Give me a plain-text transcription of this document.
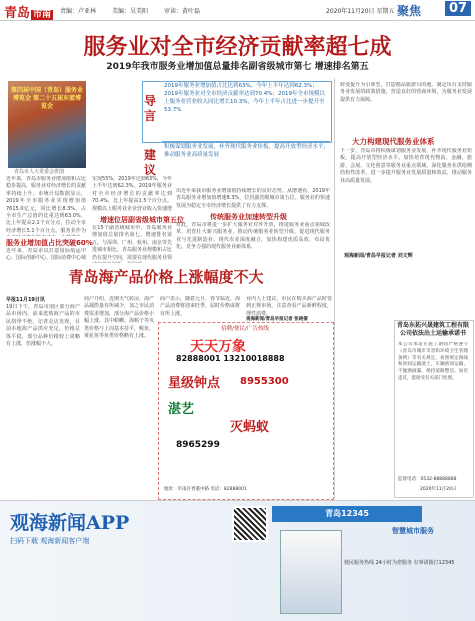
青岛 市南	责编：卢亚林	美编：吴美阳	审读：黄叶磊	2020年11月20日 星期五 聚焦	07
服务业对全市经济贡献率超七成
2019年我市服务业增加值总量排名副省级城市第七 增速排名第五
第四届中国（青岛）服务业博览会 第二十五届东盟博览会
青岛市人大常委会供图
导言
2019年服务业增加值占比达到63%，今年上半年达到62.3%；2019年服务业对全市经济贡献率达到70.4%；2019年全市规模以上服务业营业收入同比增长10.3%，今年上半年占比进一步提升至53.7%
建议
积极谋划服务业发展，补齐现代服务业短板，提高开放型经济水平，推动服务业高质量发展
近年来，青岛市服务业增加值和占比稳步提高，服务业对经济增长的贡献率持续上升。市统计局数据显示，2019年全市服务业实现增加值7615.0亿元，同比增长8.3%，占全市生产总值的比重达到63.0%，比上年提高2.1个百分点，拉动全市经济增长5.1个百分点。服务业作为
服务业增加值占比突破60%
近年来，青岛市以打造国际航运中心、国际创新中心、国际消费中心城
实现55%，2019年达到63%，今年上半年达到62.3%。2019年服务业对全市经济增长的贡献率达到70.4%，比上年提高1.5个百分点。规模以上服务业企业营业收入快速增
增速位居副省级城市第五位
在15个副省级城市中，青岛服务业增加值总量排名第七，增速排名第五。与深圳、广州、杭州、南京等先进城市相比，青岛服务业规模和占比仍有提升空间，需要在现代服务业领
出近年来我市服务业增加值持续增长的良好态势。从增速看，2019年青岛服务业增加值增速8.3%，位居副省级城市第五位。服务业的快速发展为稳定全市经济增长提供了有力支撑。
传统服务业加速转型升级
对此，青岛市将进一步扩大服务业对外开放，推进服务业重点领域改革，培育壮大新兴服务业，推动传统服务业转型升级，促进现代服务业与先进制造业、现代农业深度融合，加快构建优质高效、布局优化、竞争力强的现代服务业新体系。
转变提升为引领型，打造精品旅游目的地。制定出台支持服务业发展的政策措施，营造良好的营商环境，为服务业发展提供有力保障。
大力构建现代服务业体系
下一步，青岛市将积极谋划服务业发展，补齐现代服务业短板，提高开放型经济水平。加快培育现代物流、金融、旅游、会展、文化创意等服务业重点领域，深化服务业供给侧结构性改革，进一步提升服务业发展质量和效益，推动服务业高质量发展。
观海新闻/青岛早报记者 刘文辉
青岛海产品价格上涨幅度不大
早报11月19日讯
19日下午，青岛市南区部分海产品市场内，前来选购海产品的市民络绎不绝。记者走访发现，目前本地海产品供应充足，价格总体平稳，部分品种价格较上周略有上涨，但涨幅不大。
商户介绍，近期天气转凉，海产品捕捞量有所减少，加之市民消费需求增加，部分海产品价格小幅上涨。其中蛤蜊、海蛎子等贝类价格与上周基本持平，鲅鱼、黄花鱼等鱼类价格略有上涨。
商户表示，随着元旦、春节临近，海产品消费将迎来旺季，届时价格或将有所上涨。
业内人士建议，市民在购买海产品时要到正规市场，注意查看产品新鲜程度，理性消费。
观海新闻/青岛早报记者 张晓倩
招聘/便民/广告热线
天天万象
82888001 13210018888
星级钟点 8955300
湛艺
灭蚂蚁
8965299
地址：市南区香港中路 电话：82888001
青岛东拓兴晟建筑工程有限公司依法出土运输承诺书
本公司承诺在施工期间严格遵守《青岛市城市市容和环境卫生管理条例》等有关规定，按照规定路线和时间运输渣土，车辆密闭运输，不抛洒滴漏，保持道路整洁。如有违反，愿接受有关部门处理。
监督电话：0532-88888888
2020年11月20日
观海新闻APP
扫码下载 观海新闻客户端
青岛12345
智慧城市服务
便民服务热线 24小时为您服务 有事请拨打12345
